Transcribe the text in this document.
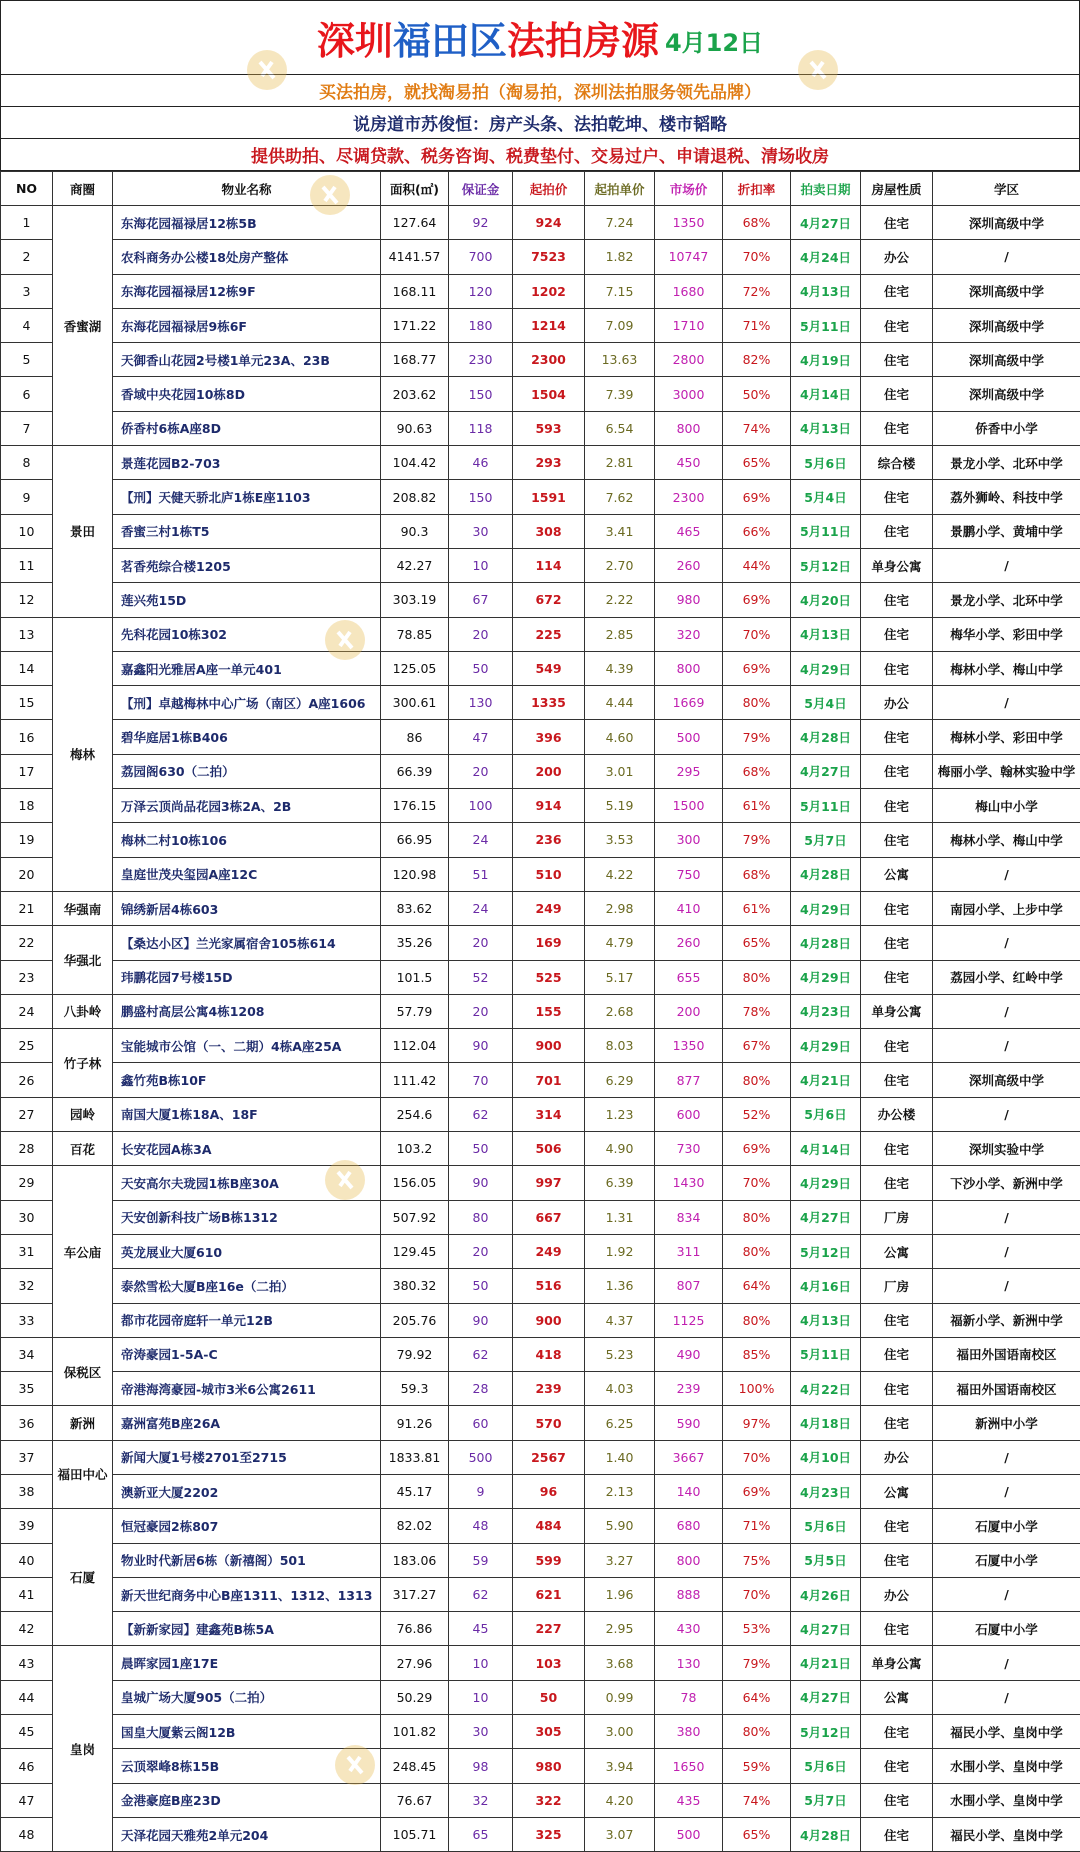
深圳 福田区 法拍房源 4月12日
买法拍房，就找淘易拍（淘易拍，深圳法拍服务领先品牌）
说房道市苏俊恒：房产头条、法拍乾坤、楼市韬略
提供助拍、尽调贷款、税务咨询、税费垫付、交易过户、申请退税、清场收房
NO	商圈	物业名称	面积(㎡)	保证金	起拍价	起拍单价	市场价	折扣率	拍卖日期	房屋性质	学区
1	香蜜湖	东海花园福禄居12栋5B	127.64	92	924	7.24	1350	68%	4月27日	住宅	深圳高级中学
2		农科商务办公楼18处房产整体	4141.57	700	7523	1.82	10747	70%	4月24日	办公	/
3		东海花园福禄居12栋9F	168.11	120	1202	7.15	1680	72%	4月13日	住宅	深圳高级中学
4		东海花园福禄居9栋6F	171.22	180	1214	7.09	1710	71%	5月11日	住宅	深圳高级中学
5		天御香山花园2号楼1单元23A、23B	168.77	230	2300	13.63	2800	82%	4月19日	住宅	深圳高级中学
6		香域中央花园10栋8D	203.62	150	1504	7.39	3000	50%	4月14日	住宅	深圳高级中学
7		侨香村6栋A座8D	90.63	118	593	6.54	800	74%	4月13日	住宅	侨香中小学
8	景田	景莲花园B2-703	104.42	46	293	2.81	450	65%	5月6日	综合楼	景龙小学、北环中学
9		【刑】天健天骄北庐1栋E座1103	208.82	150	1591	7.62	2300	69%	5月4日	住宅	荔外狮岭、科技中学
10		香蜜三村1栋T5	90.3	30	308	3.41	465	66%	5月11日	住宅	景鹏小学、黄埔中学
11		茗香苑综合楼1205	42.27	10	114	2.70	260	44%	5月12日	单身公寓	/
12		莲兴苑15D	303.19	67	672	2.22	980	69%	4月20日	住宅	景龙小学、北环中学
13	梅林	先科花园10栋302	78.85	20	225	2.85	320	70%	4月13日	住宅	梅华小学、彩田中学
14		嘉鑫阳光雅居A座一单元401	125.05	50	549	4.39	800	69%	4月29日	住宅	梅林小学、梅山中学
15		【刑】卓越梅林中心广场（南区）A座1606	300.61	130	1335	4.44	1669	80%	5月4日	办公	/
16		碧华庭居1栋B406	86	47	396	4.60	500	79%	4月28日	住宅	梅林小学、彩田中学
17		荔园阁630（二拍）	66.39	20	200	3.01	295	68%	4月27日	住宅	梅丽小学、翰林实验中学
18		万泽云顶尚品花园3栋2A、2B	176.15	100	914	5.19	1500	61%	5月11日	住宅	梅山中小学
19		梅林二村10栋106	66.95	24	236	3.53	300	79%	5月7日	住宅	梅林小学、梅山中学
20		皇庭世茂央玺园A座12C	120.98	51	510	4.22	750	68%	4月28日	公寓	/
21	华强南	锦绣新居4栋603	83.62	24	249	2.98	410	61%	4月29日	住宅	南园小学、上步中学
22	华强北	【桑达小区】兰光家属宿舍105栋614	35.26	20	169	4.79	260	65%	4月28日	住宅	/
23		玮鹏花园7号楼15D	101.5	52	525	5.17	655	80%	4月29日	住宅	荔园小学、红岭中学
24	八卦岭	鹏盛村高层公寓4栋1208	57.79	20	155	2.68	200	78%	4月23日	单身公寓	/
25	竹子林	宝能城市公馆（一、二期）4栋A座25A	112.04	90	900	8.03	1350	67%	4月29日	住宅	/
26		鑫竹苑B栋10F	111.42	70	701	6.29	877	80%	4月21日	住宅	深圳高级中学
27	园岭	南国大厦1栋18A、18F	254.6	62	314	1.23	600	52%	5月6日	办公楼	/
28	百花	长安花园A栋3A	103.2	50	506	4.90	730	69%	4月14日	住宅	深圳实验中学
29	车公庙	天安高尔夫珑园1栋B座30A	156.05	90	997	6.39	1430	70%	4月29日	住宅	下沙小学、新洲中学
30		天安创新科技广场B栋1312	507.92	80	667	1.31	834	80%	4月27日	厂房	/
31		英龙展业大厦610	129.45	20	249	1.92	311	80%	5月12日	公寓	/
32		泰然雪松大厦B座16e（二拍）	380.32	50	516	1.36	807	64%	4月16日	厂房	/
33		都市花园帝庭轩一单元12B	205.76	90	900	4.37	1125	80%	4月13日	住宅	福新小学、新洲中学
34	保税区	帝涛豪园1-5A-C	79.92	62	418	5.23	490	85%	5月11日	住宅	福田外国语南校区
35		帝港海湾豪园-城市3米6公寓2611	59.3	28	239	4.03	239	100%	4月22日	住宅	福田外国语南校区
36	新洲	嘉洲富苑B座26A	91.26	60	570	6.25	590	97%	4月18日	住宅	新洲中小学
37	福田中心	新闻大厦1号楼2701至2715	1833.81	500	2567	1.40	3667	70%	4月10日	办公	/
38		澳新亚大厦2202	45.17	9	96	2.13	140	69%	4月23日	公寓	/
39	石厦	恒冠豪园2栋807	82.02	48	484	5.90	680	71%	5月6日	住宅	石厦中小学
40		物业时代新居6栋（新禧阁）501	183.06	59	599	3.27	800	75%	5月5日	住宅	石厦中小学
41		新天世纪商务中心B座1311、1312、1313	317.27	62	621	1.96	888	70%	4月26日	办公	/
42		【新新家园】建鑫苑B栋5A	76.86	45	227	2.95	430	53%	4月27日	住宅	石厦中小学
43	皇岗	晨晖家园1座17E	27.96	10	103	3.68	130	79%	4月21日	单身公寓	/
44		皇城广场大厦905（二拍）	50.29	10	50	0.99	78	64%	4月27日	公寓	/
45		国皇大厦紫云阁12B	101.82	30	305	3.00	380	80%	5月12日	住宅	福民小学、皇岗中学
46		云顶翠峰8栋15B	248.45	98	980	3.94	1650	59%	5月6日	住宅	水围小学、皇岗中学
47		金港豪庭B座23D	76.67	32	322	4.20	435	74%	5月7日	住宅	水围小学、皇岗中学
48		天泽花园天雅苑2单元204	105.71	65	325	3.07	500	65%	4月28日	住宅	福民小学、皇岗中学
